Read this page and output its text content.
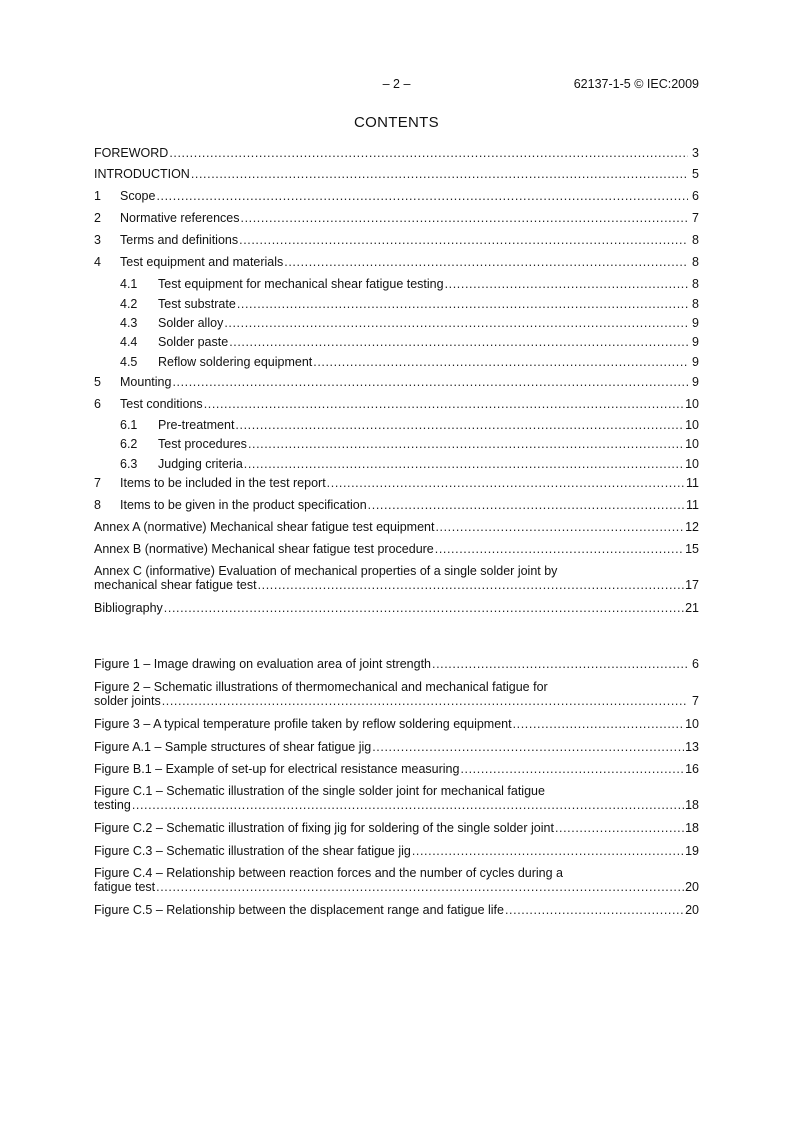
– 2 –	62137-1-5 © IEC:2009
CONTENTS
FOREWORD .....	3
INTRODUCTION .....	5
1	Scope .....	6
2	Normative references .....	7
3	Terms and definitions .....	8
4	Test equipment and materials .....	8
4.1	Test equipment for mechanical shear fatigue testing .....	8
4.2	Test substrate .....	8
4.3	Solder alloy .....	9
4.4	Solder paste .....	9
4.5	Reflow soldering equipment .....	9
5	Mounting .....	9
6	Test conditions .....	10
6.1	Pre-treatment .....	10
6.2	Test procedures .....	10
6.3	Judging criteria .....	10
7	Items to be included in the test report .....	11
8	Items to be given in the product specification .....	11
Annex A (normative) Mechanical shear fatigue test equipment .....	12
Annex B (normative) Mechanical shear fatigue test procedure .....	15
Annex C (informative) Evaluation of mechanical properties of a single solder joint by
mechanical shear fatigue test .....	17
Bibliography .....	21
Figure 1 – Image drawing on evaluation area of joint strength .....	6
Figure 2 – Schematic illustrations of thermomechanical and mechanical fatigue for
solder joints .....	7
Figure 3 – A typical temperature profile taken by reflow soldering equipment .....	10
Figure A.1 – Sample structures of shear fatigue jig .....	13
Figure B.1 – Example of set-up for electrical resistance measuring .....	16
Figure C.1 – Schematic illustration of the single solder joint for mechanical fatigue
testing .....	18
Figure C.2 – Schematic illustration of fixing jig for soldering of the single solder joint .....	18
Figure C.3 – Schematic illustration of the shear fatigue jig .....	19
Figure C.4 – Relationship between reaction forces and the number of cycles during a
fatigue test .....	20
Figure C.5 – Relationship between the displacement range and fatigue life .....	20
